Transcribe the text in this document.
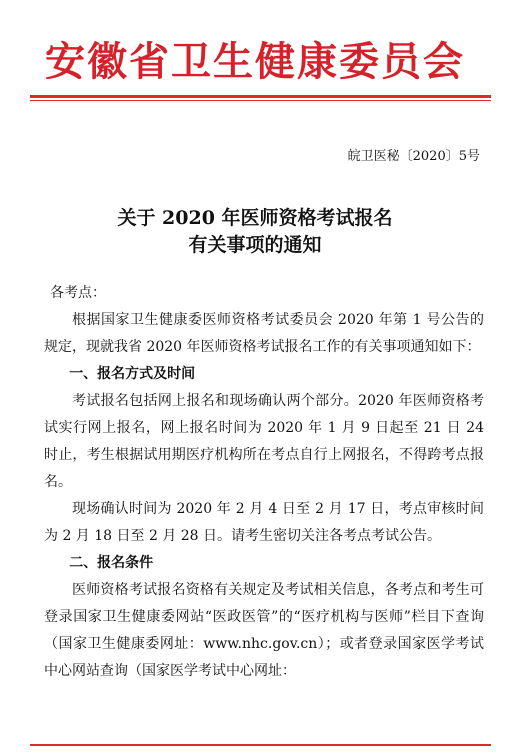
安徽省卫生健康委员会
皖卫医秘〔2020〕5号
关于 2020 年医师资格考试报名
有关事项的通知

各考点：

根据国家卫生健康委医师资格考试委员会 2020 年第 1 号公告的规定，现就我省 2020 年医师资格考试报名工作的有关事项通知如下：

一、报名方式及时间

考试报名包括网上报名和现场确认两个部分。2020 年医师资格考试实行网上报名，网上报名时间为 2020 年 1 月 9 日起至 21 日 24 时止，考生根据试用期医疗机构所在考点自行上网报名，不得跨考点报名。

现场确认时间为 2020 年 2 月 4 日至 2 月 17 日，考点审核时间为 2 月 18 日至 2 月 28 日。请考生密切关注各考点考试公告。

二、报名条件

医师资格考试报名资格有关规定及考试相关信息，各考点和考生可登录国家卫生健康委网站“医政医管”的“医疗机构与医师”栏目下查询（国家卫生健康委网址：www.nhc.gov.cn）；或者登录国家医学考试中心网站查询（国家医学考试中心网址：
